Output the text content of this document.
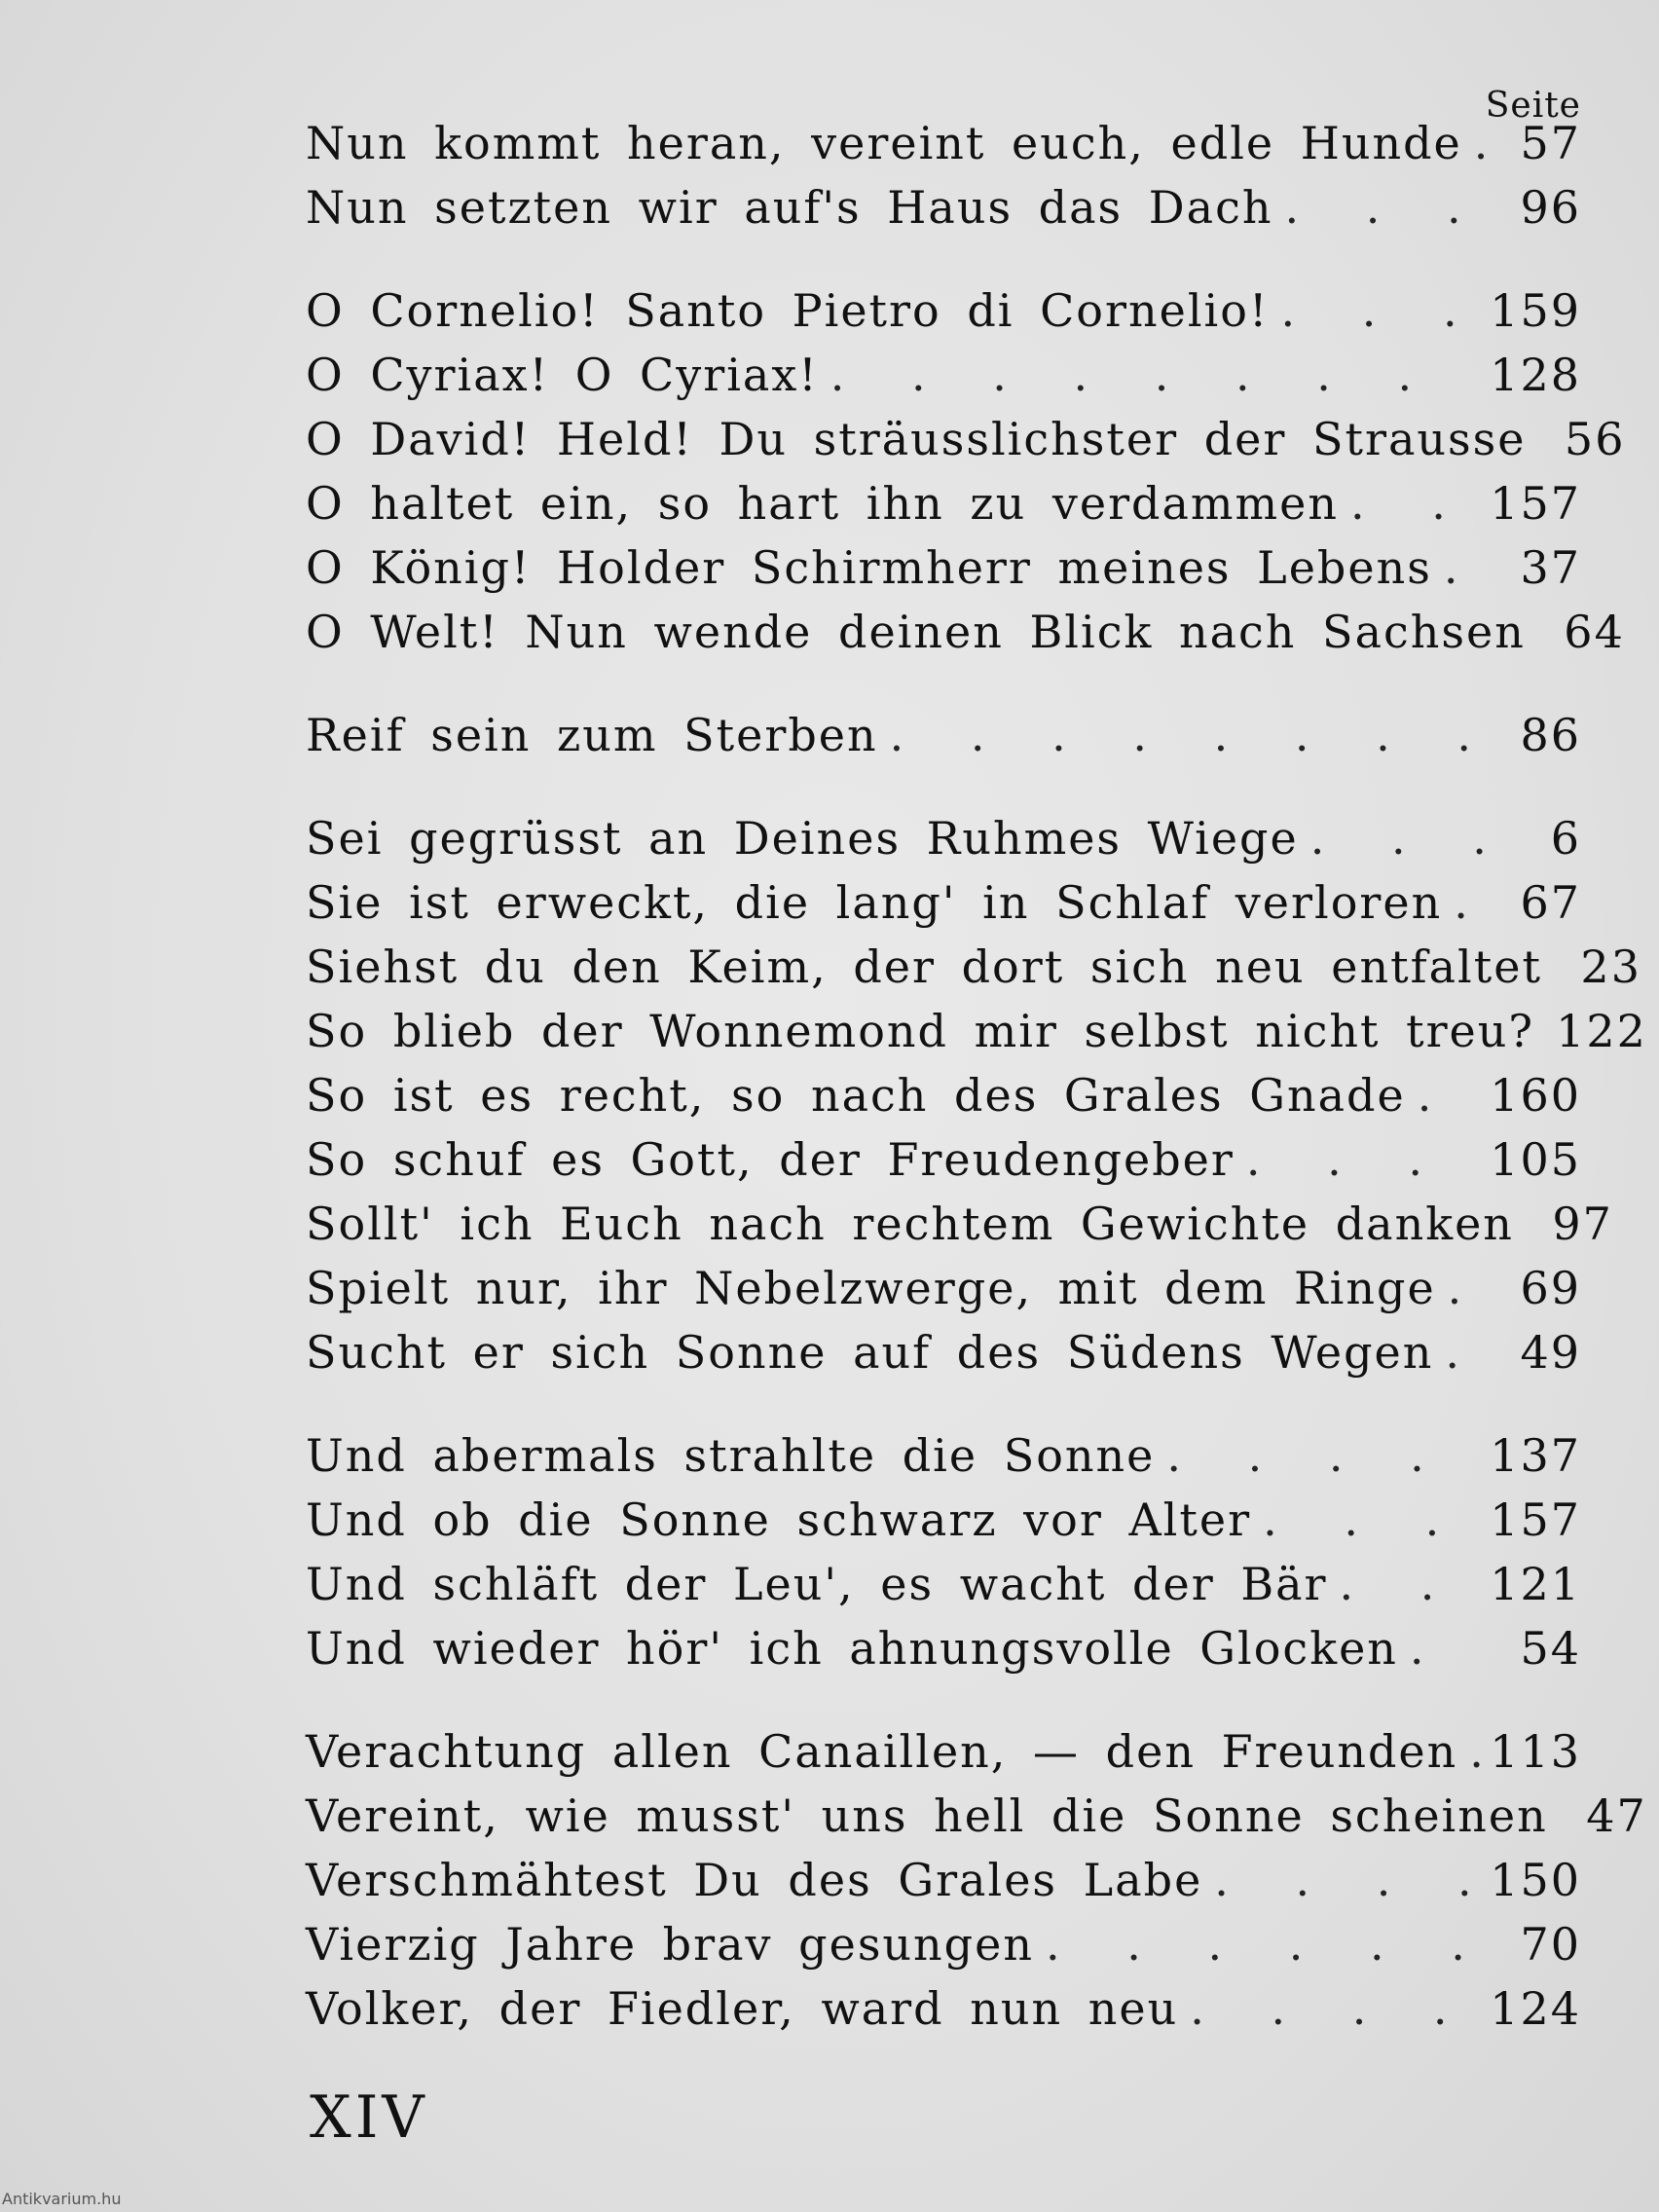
Seite
Nun kommt heran, vereint euch, edle Hunde . . .	57
Nun setzten wir auf's Haus das Dach . . .	96
O Cornelio! Santo Pietro di Cornelio! . . .	159
O Cyriax! O Cyriax! . . .	128
O David! Held! Du sträusslichster der Strausse 56
O haltet ein, so hart ihn zu verdammen . . .	157
O König! Holder Schirmherr meines Lebens . . .	37
O Welt! Nun wende deinen Blick nach Sachsen 64
Reif sein zum Sterben . . .	86
Sei gegrüsst an Deines Ruhmes Wiege . . .	6
Sie ist erweckt, die lang' in Schlaf verloren . . .	67
Siehst du den Keim, der dort sich neu entfaltet 23
So blieb der Wonnemond mir selbst nicht treu? 122
So ist es recht, so nach des Grales Gnade . . . 160
So schuf es Gott, der Freudengeber . . .	105
Sollt' ich Euch nach rechtem Gewichte danken 97
Spielt nur, ihr Nebelzwerge, mit dem Ringe . . .	69
Sucht er sich Sonne auf des Südens Wegen . . .	49
Und abermals strahlte die Sonne . . .	137
Und ob die Sonne schwarz vor Alter . . .	157
Und schläft der Leu', es wacht der Bär . . .	121
Und wieder hör' ich ahnungsvolle Glocken . . .	54
Verachtung allen Canaillen, — den Freunden . . . 113
Vereint, wie musst' uns hell die Sonne scheinen 47
Verschmähtest Du des Grales Labe . . .	150
Vierzig Jahre brav gesungen . . .	70
Volker, der Fiedler, ward nun neu . . .	124
XIV
Antikvarium.hu
